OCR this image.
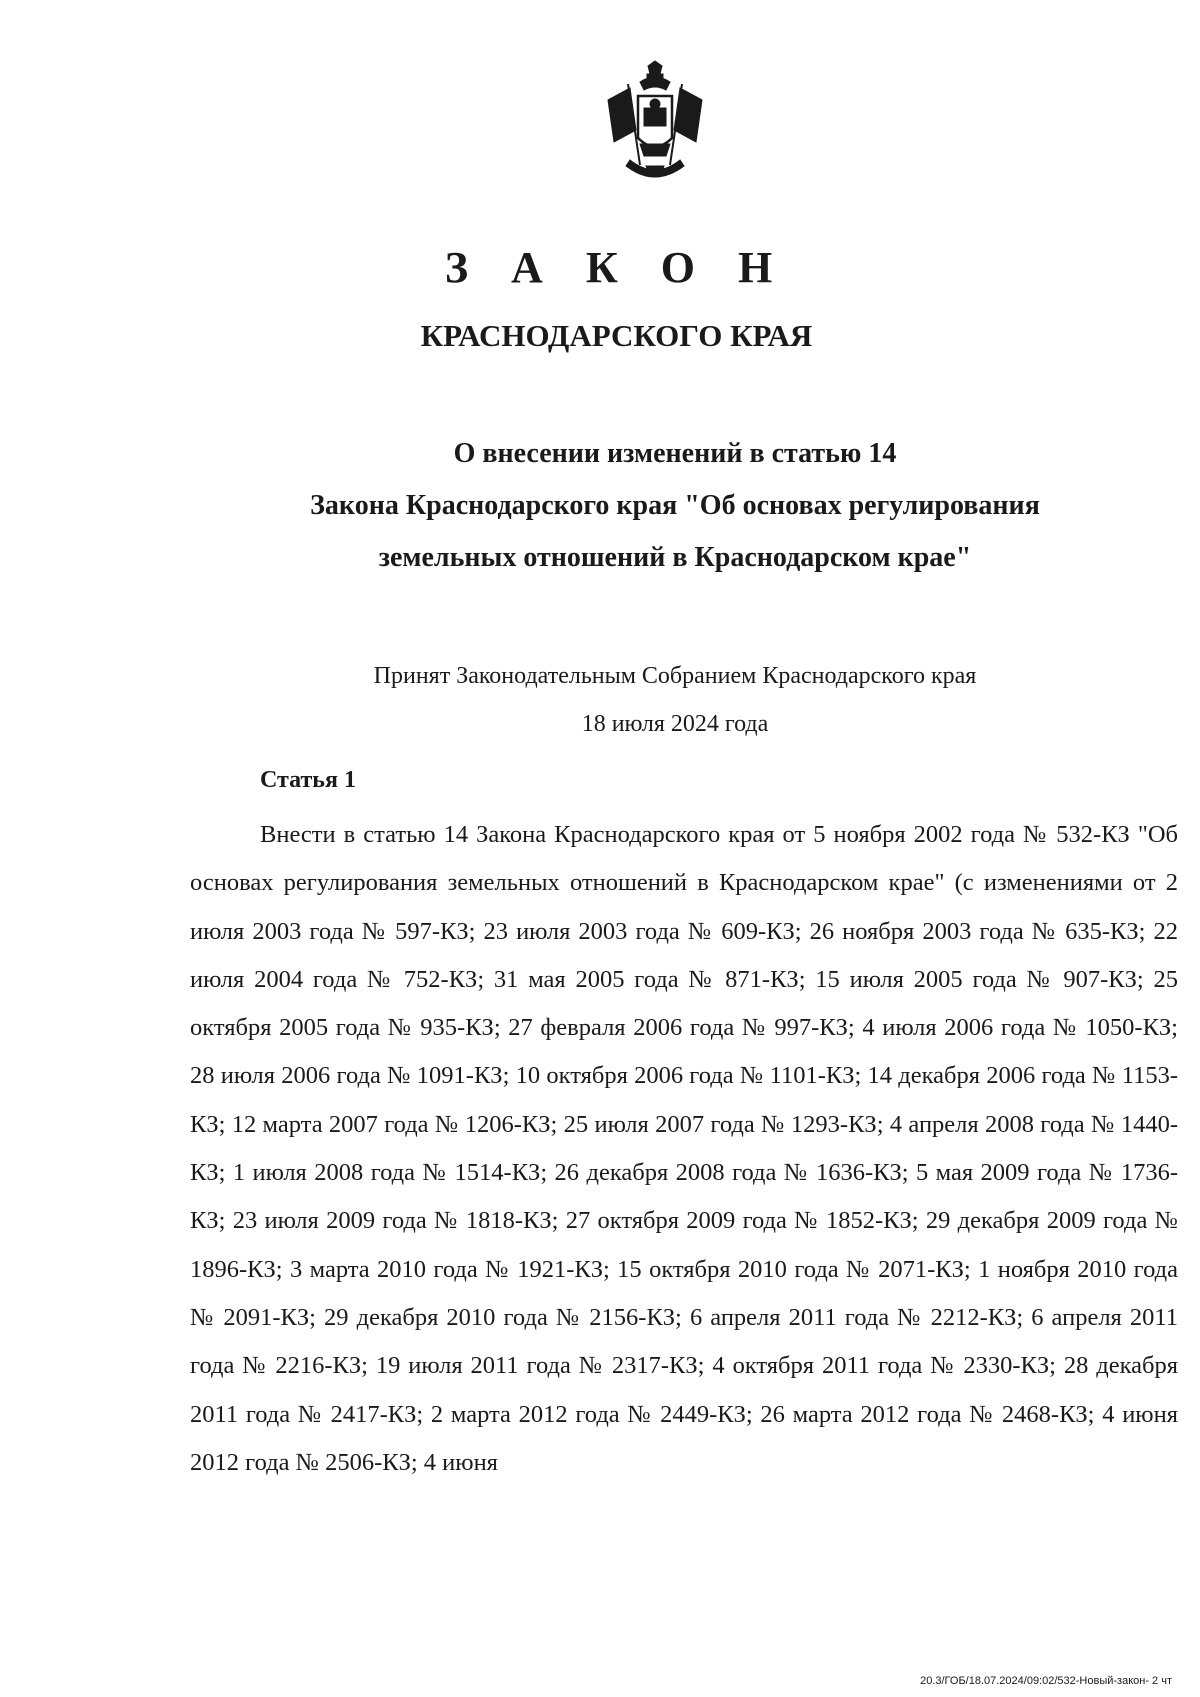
З А К О Н
КРАСНОДАРСКОГО КРАЯ
О внесении изменений в статью 14
Закона Краснодарского края "Об основах регулирования
земельных отношений в Краснодарском крае"
Принят Законодательным Собранием Краснодарского края
18 июля 2024 года
Статья 1

Внести в статью 14 Закона Краснодарского края от 5 ноября 2002 года № 532-КЗ "Об основах регулирования земельных отношений в Краснодарском крае" (с изменениями от 2 июля 2003 года № 597-КЗ; 23 июля 2003 года № 609-КЗ; 26 ноября 2003 года № 635-КЗ; 22 июля 2004 года № 752-КЗ; 31 мая 2005 года № 871-КЗ; 15 июля 2005 года № 907-КЗ; 25 октября 2005 года № 935-КЗ; 27 февраля 2006 года № 997-КЗ; 4 июля 2006 года № 1050-КЗ; 28 июля 2006 года № 1091-КЗ; 10 октября 2006 года № 1101-КЗ; 14 декабря 2006 года № 1153-КЗ; 12 марта 2007 года № 1206-КЗ; 25 июля 2007 года № 1293-КЗ; 4 апреля 2008 года № 1440-КЗ; 1 июля 2008 года № 1514-КЗ; 26 декабря 2008 года № 1636-КЗ; 5 мая 2009 года № 1736-КЗ; 23 июля 2009 года № 1818-КЗ; 27 октября 2009 года № 1852-КЗ; 29 декабря 2009 года № 1896-КЗ; 3 марта 2010 года № 1921-КЗ; 15 октября 2010 года № 2071-КЗ; 1 ноября 2010 года № 2091-КЗ; 29 декабря 2010 года № 2156-КЗ; 6 апреля 2011 года № 2212-КЗ; 6 апреля 2011 года № 2216-КЗ; 19 июля 2011 года № 2317-КЗ; 4 октября 2011 года № 2330-КЗ; 28 декабря 2011 года № 2417-КЗ; 2 марта 2012 года № 2449-КЗ; 26 марта 2012 года № 2468-КЗ; 4 июня 2012 года № 2506-КЗ; 4 июня

20.3/ГОБ/18.07.2024/09:02/532-Новый-закон- 2 чт
